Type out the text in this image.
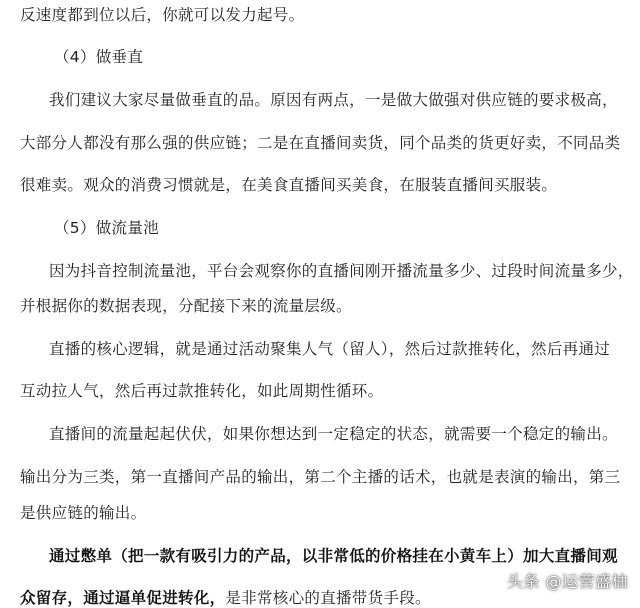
反速度都到位以后，你就可以发力起号。
（4）做垂直
我们建议大家尽量做垂直的品。原因有两点，一是做大做强对供应链的要求极高，
大部分人都没有那么强的供应链；二是在直播间卖货，同个品类的货更好卖，不同品类
很难卖。观众的消费习惯就是，在美食直播间买美食，在服装直播间买服装。
（5）做流量池
因为抖音控制流量池，平台会观察你的直播间刚开播流量多少、过段时间流量多少，
并根据你的数据表现，分配接下来的流量层级。
直播的核心逻辑，就是通过活动聚集人气（留人），然后过款推转化，然后再通过
互动拉人气，然后再过款推转化，如此周期性循环。
直播间的流量起起伏伏，如果你想达到一定稳定的状态，就需要一个稳定的输出。
输出分为三类，第一直播间产品的输出，第二个主播的话术，也就是表演的输出，第三
是供应链的输出。
通过憋单（把一款有吸引力的产品，以非常低的价格挂在小黄车上）加大直播间观
众留存，通过逼单促进转化，是非常核心的直播带货手段。
头条 @运营盛柚
